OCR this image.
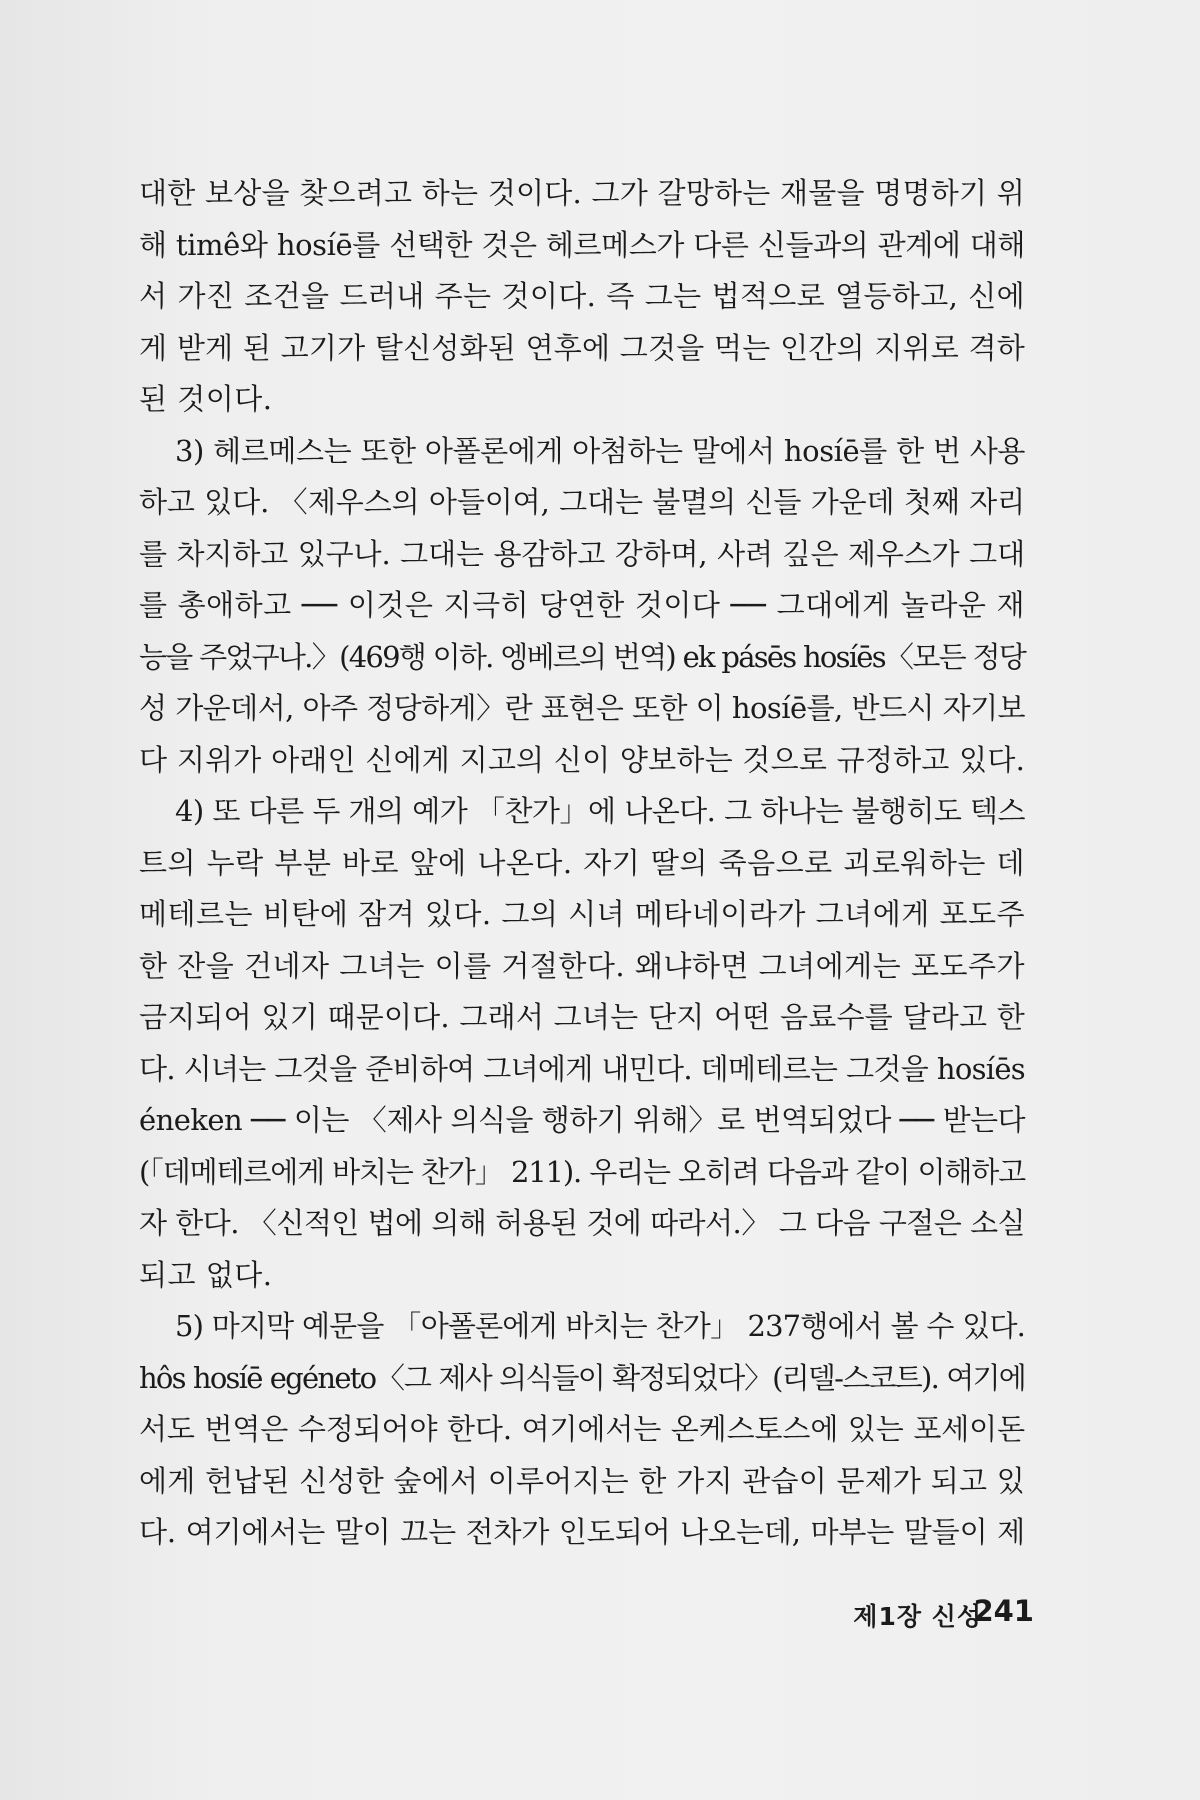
대한 보상을 찾으려고 하는 것이다. 그가 갈망하는 재물을 명명하기 위
해 timê와 hosíē를 선택한 것은 헤르메스가 다른 신들과의 관계에 대해
서 가진 조건을 드러내 주는 것이다. 즉 그는 법적으로 열등하고, 신에
게 받게 된 고기가 탈신성화된 연후에 그것을 먹는 인간의 지위로 격하
된 것이다.
3) 헤르메스는 또한 아폴론에게 아첨하는 말에서 hosíē를 한 번 사용
하고 있다. 〈제우스의 아들이여, 그대는 불멸의 신들 가운데 첫째 자리
를 차지하고 있구나. 그대는 용감하고 강하며, 사려 깊은 제우스가 그대
를 총애하고 ── 이것은 지극히 당연한 것이다 ── 그대에게 놀라운 재
능을 주었구나.〉(469행 이하. 엥베르의 번역) ek pásēs hosíēs〈모든 정당
성 가운데서, 아주 정당하게〉란 표현은 또한 이 hosíē를, 반드시 자기보
다 지위가 아래인 신에게 지고의 신이 양보하는 것으로 규정하고 있다.
4) 또 다른 두 개의 예가 「찬가」에 나온다. 그 하나는 불행히도 텍스
트의 누락 부분 바로 앞에 나온다. 자기 딸의 죽음으로 괴로워하는 데
메테르는 비탄에 잠겨 있다. 그의 시녀 메타네이라가 그녀에게 포도주
한 잔을 건네자 그녀는 이를 거절한다. 왜냐하면 그녀에게는 포도주가
금지되어 있기 때문이다. 그래서 그녀는 단지 어떤 음료수를 달라고 한
다. 시녀는 그것을 준비하여 그녀에게 내민다. 데메테르는 그것을 hosíēs
éneken ── 이는 〈제사 의식을 행하기 위해〉로 번역되었다 ── 받는다
(「데메테르에게 바치는 찬가」 211). 우리는 오히려 다음과 같이 이해하고
자 한다. 〈신적인 법에 의해 허용된 것에 따라서.〉 그 다음 구절은 소실
되고 없다.
5) 마지막 예문을 「아폴론에게 바치는 찬가」 237행에서 볼 수 있다.
hôs hosíē egéneto〈그 제사 의식들이 확정되었다〉(리델-스코트). 여기에
서도 번역은 수정되어야 한다. 여기에서는 온케스토스에 있는 포세이돈
에게 헌납된 신성한 숲에서 이루어지는 한 가지 관습이 문제가 되고 있
다. 여기에서는 말이 끄는 전차가 인도되어 나오는데, 마부는 말들이 제
제1장 신성
241
